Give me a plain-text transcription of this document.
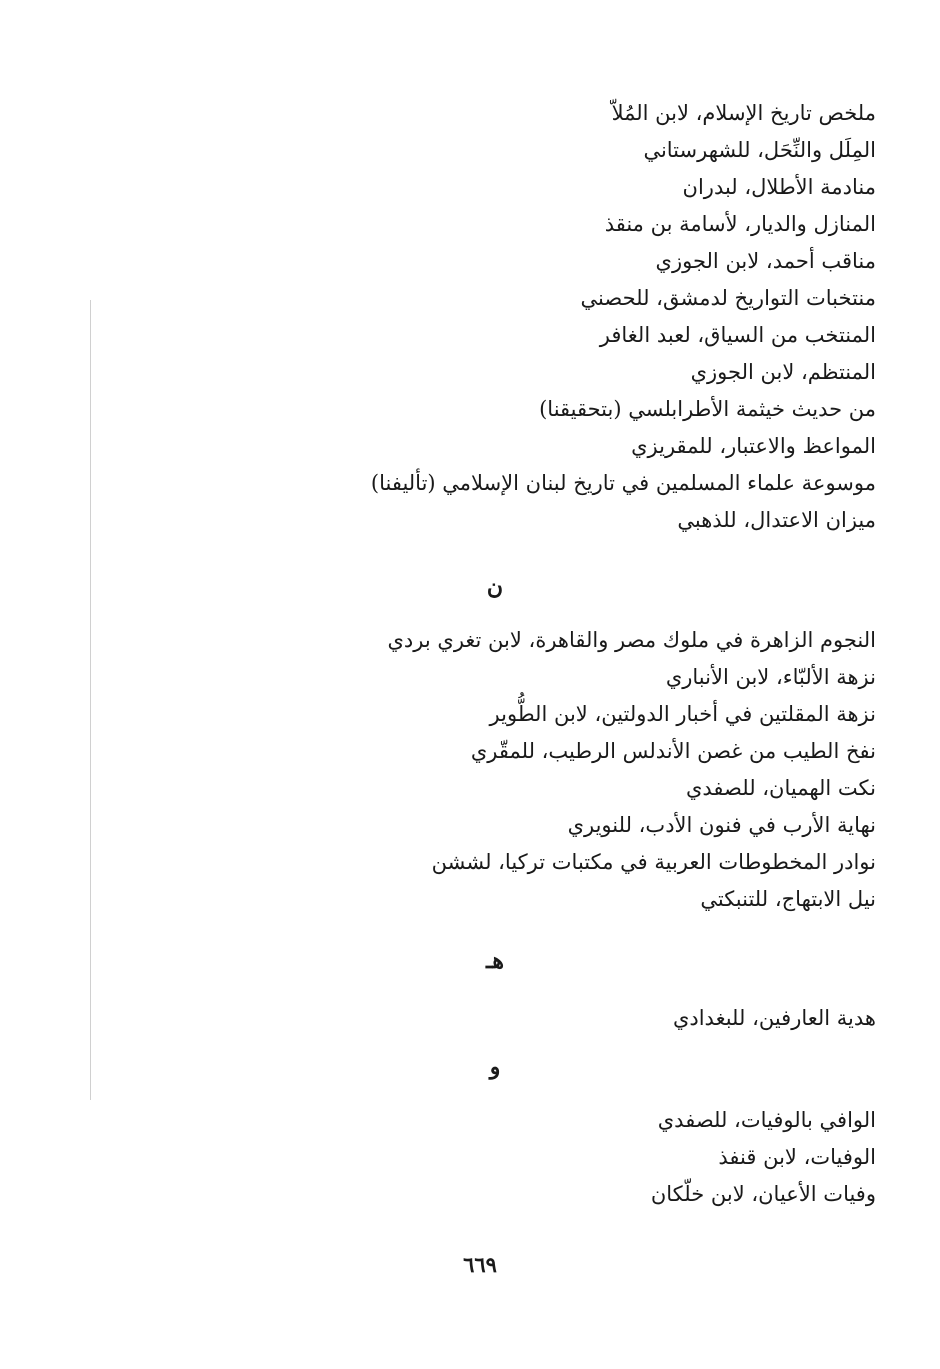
ملخص تاريخ الإسلام، لابن المُلاّ
المِلَل والنِّحَل، للشهرستاني
منادمة الأطلال، لبدران
المنازل والديار، لأسامة بن منقذ
مناقب أحمد، لابن الجوزي
منتخبات التواريخ لدمشق، للحصني
المنتخب من السياق، لعبد الغافر
المنتظم، لابن الجوزي
من حديث خيثمة الأطرابلسي (بتحقيقنا)
المواعظ والاعتبار، للمقريزي
موسوعة علماء المسلمين في تاريخ لبنان الإسلامي (تأليفنا)
ميزان الاعتدال، للذهبي
ن
النجوم الزاهرة في ملوك مصر والقاهرة، لابن تغري بردي
نزهة الألبّاء، لابن الأنباري
نزهة المقلتين في أخبار الدولتين، لابن الطُّوير
نفخ الطيب من غصن الأندلس الرطيب، للمقّري
نكت الهميان، للصفدي
نهاية الأرب في فنون الأدب، للنويري
نوادر المخطوطات العربية في مكتبات تركيا، لششن
نيل الابتهاج، للتنبكتي
هـ
هدية العارفين، للبغدادي
و
الوافي بالوفيات، للصفدي
الوفيات، لابن قنفذ
وفيات الأعيان، لابن خلّكان
٦٦٩
